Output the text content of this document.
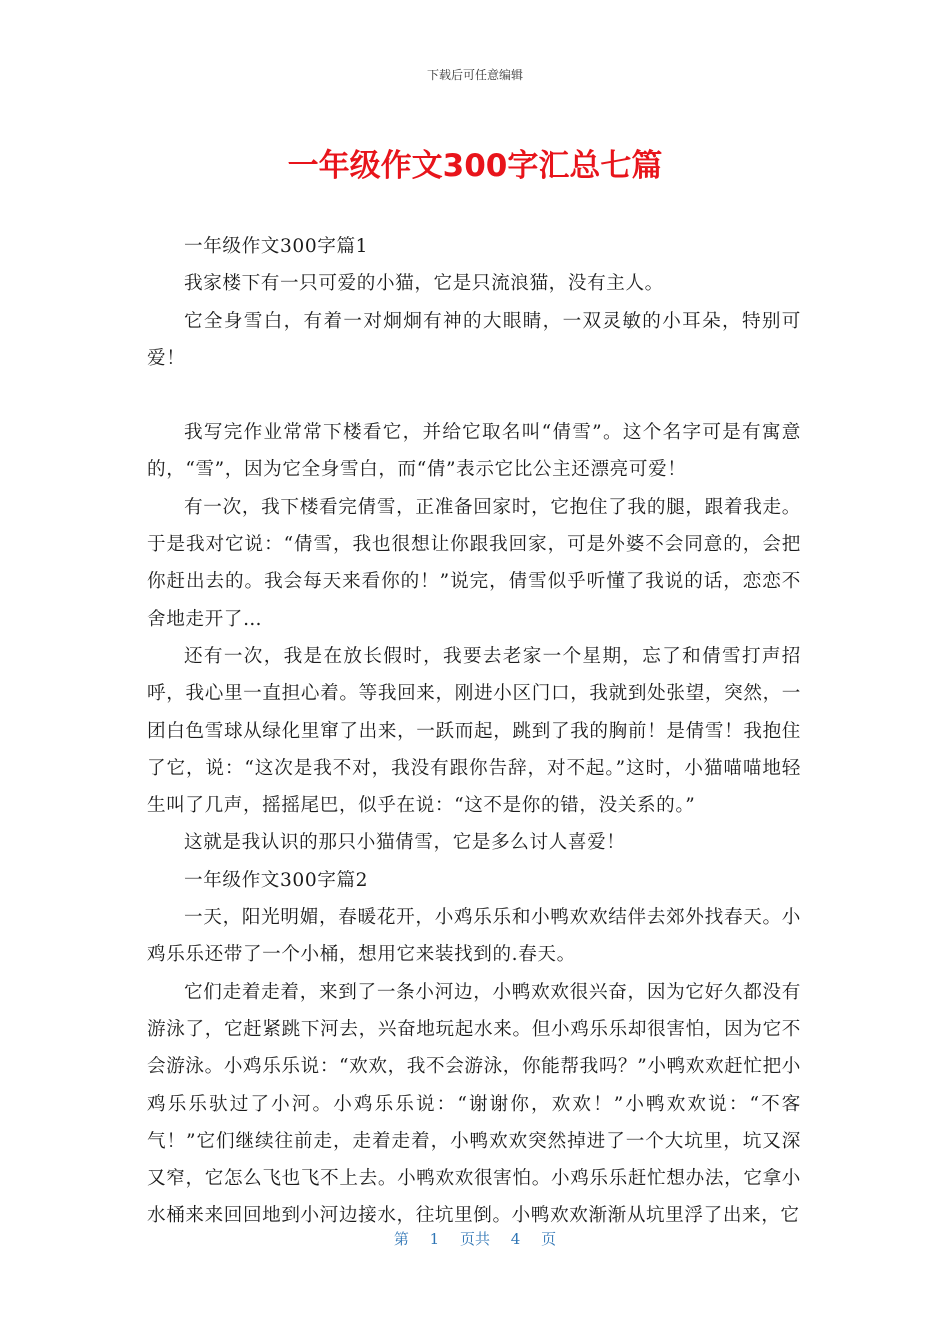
下载后可任意编辑
一年级作文300字汇总七篇

一年级作文300字篇1

我家楼下有一只可爱的小猫，它是只流浪猫，没有主人。

它全身雪白，有着一对炯炯有神的大眼睛，一双灵敏的小耳朵，特别可爱！

我写完作业常常下楼看它，并给它取名叫“倩雪”。这个名字可是有寓意的，“雪”，因为它全身雪白，而“倩”表示它比公主还漂亮可爱！

有一次，我下楼看完倩雪，正准备回家时，它抱住了我的腿，跟着我走。于是我对它说：“倩雪，我也很想让你跟我回家，可是外婆不会同意的，会把你赶出去的。我会每天来看你的！”说完，倩雪似乎听懂了我说的话，恋恋不舍地走开了…

还有一次，我是在放长假时，我要去老家一个星期，忘了和倩雪打声招呼，我心里一直担心着。等我回来，刚进小区门口，我就到处张望，突然，一团白色雪球从绿化里窜了出来，一跃而起，跳到了我的胸前！是倩雪！我抱住了它，说：“这次是我不对，我没有跟你告辞，对不起。”这时，小猫喵喵地轻生叫了几声，摇摇尾巴，似乎在说：“这不是你的错，没关系的。”

这就是我认识的那只小猫倩雪，它是多么讨人喜爱！

一年级作文300字篇2

一天，阳光明媚，春暖花开，小鸡乐乐和小鸭欢欢结伴去郊外找春天。小鸡乐乐还带了一个小桶，想用它来装找到的.春天。

它们走着走着，来到了一条小河边，小鸭欢欢很兴奋，因为它好久都没有游泳了，它赶紧跳下河去，兴奋地玩起水来。但小鸡乐乐却很害怕，因为它不会游泳。小鸡乐乐说：“欢欢，我不会游泳，你能帮我吗？”小鸭欢欢赶忙把小鸡乐乐驮过了小河。小鸡乐乐说：“谢谢你，欢欢！”小鸭欢欢说：“不客气！”它们继续往前走，走着走着，小鸭欢欢突然掉进了一个大坑里，坑又深又窄，它怎么飞也飞不上去。小鸭欢欢很害怕。小鸡乐乐赶忙想办法，它拿小水桶来来回回地到小河边接水，往坑里倒。小鸭欢欢渐渐从坑里浮了出来，它

第 1 页共 4 页
